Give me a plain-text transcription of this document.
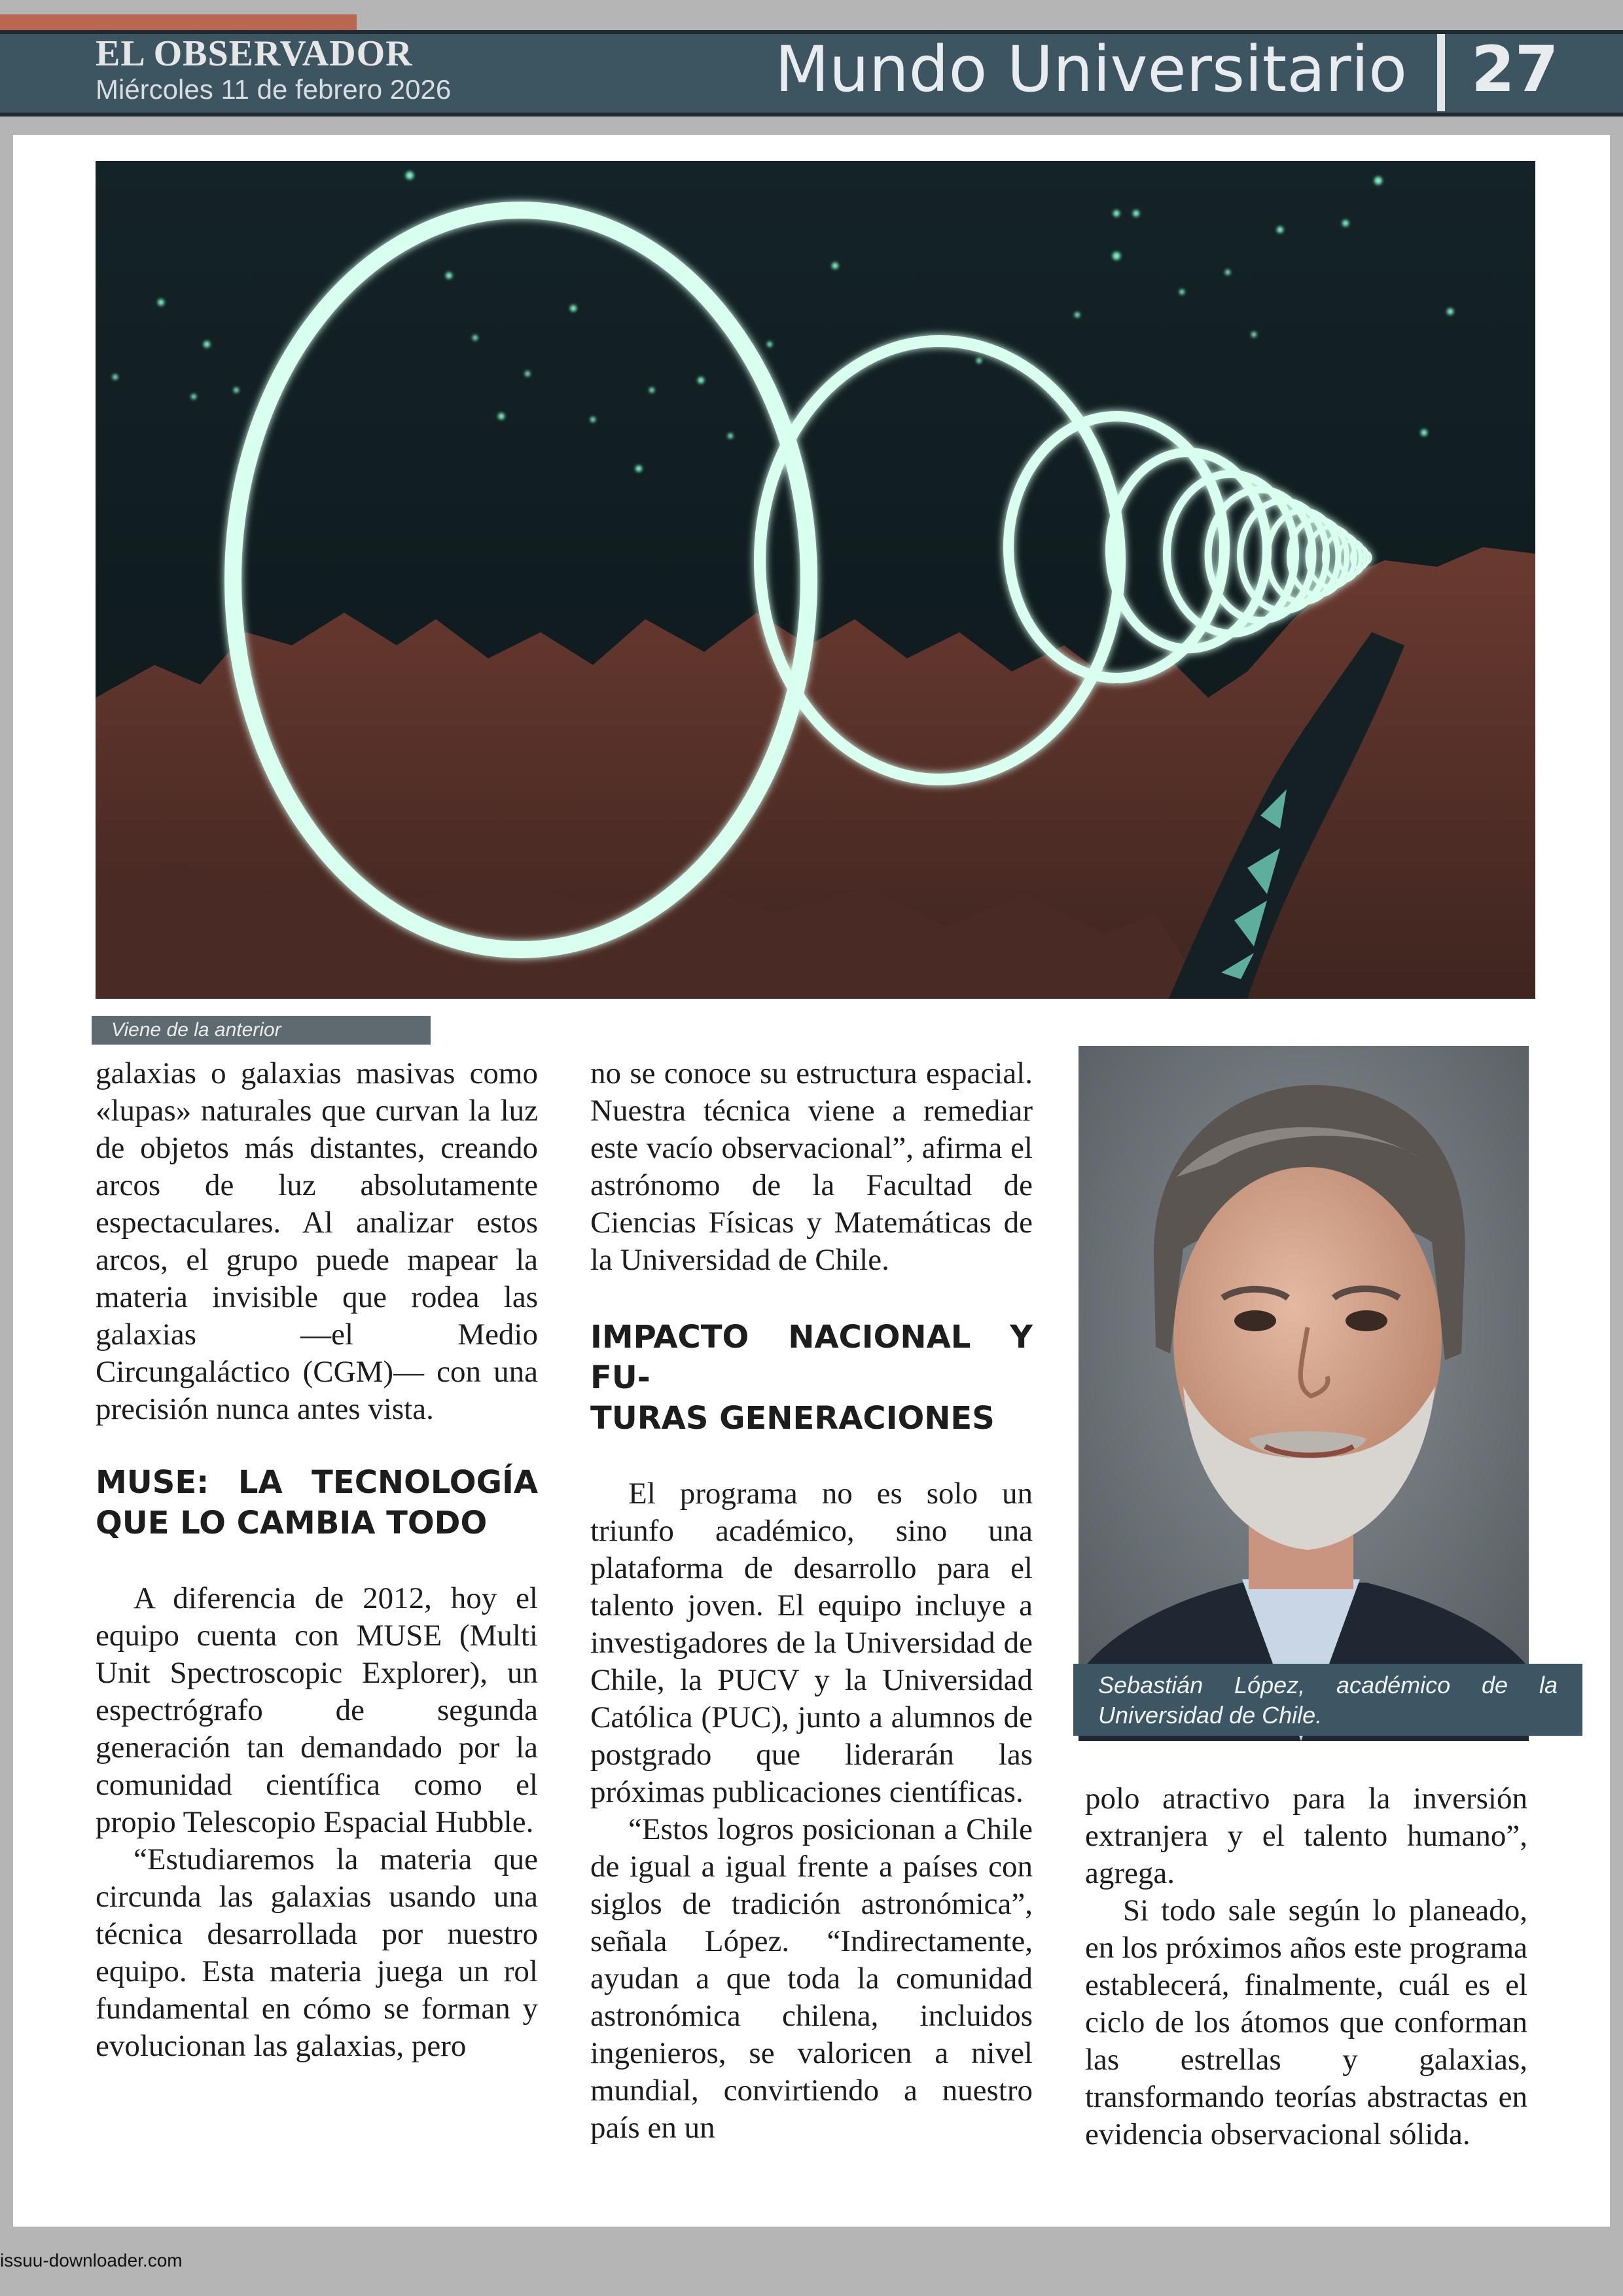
EL OBSERVADOR
Miércoles 11 de febrero 2026	Mundo Universitario 27
Viene de la anterior

galaxias o galaxias masivas como «lupas» naturales que curvan la luz de objetos más distantes, creando arcos de luz absolutamente espectaculares. Al analizar estos arcos, el grupo puede mapear la materia invisible que rodea las galaxias —el Medio Circungaláctico (CGM)— con una precisión nunca antes vista.

MUSE: LA TECNOLOGÍA
QUE LO CAMBIA TODO

A diferencia de 2012, hoy el equipo cuenta con MUSE (Multi Unit Spectroscopic Explorer), un espectrógrafo de segunda generación tan demandado por la comunidad científica como el propio Telescopio Espacial Hubble.

“Estudiaremos la materia que circunda las galaxias usando una técnica desarrollada por nuestro equipo. Esta materia juega un rol fundamental en cómo se forman y evolucionan las galaxias, pero

no se conoce su estructura espacial. Nuestra técnica viene a remediar este vacío observacional”, afirma el astrónomo de la Facultad de Ciencias Físicas y Matemáticas de la Universidad de Chile.

IMPACTO NACIONAL Y FU-
TURAS GENERACIONES

El programa no es solo un triunfo académico, sino una plataforma de desarrollo para el talento joven. El equipo incluye a investigadores de la Universidad de Chile, la PUCV y la Universidad Católica (PUC), junto a alumnos de postgrado que liderarán las próximas publicaciones científicas.

“Estos logros posicionan a Chile de igual a igual frente a países con siglos de tradición astronómica”, señala López. “Indirectamente, ayudan a que toda la comunidad astronómica chilena, incluidos ingenieros, se valoricen a nivel mundial, convirtiendo a nuestro país en un

Sebastián López, académico de la Universidad de Chile.

polo atractivo para la inversión extranjera y el talento humano”, agrega.

Si todo sale según lo planeado, en los próximos años este programa establecerá, finalmente, cuál es el ciclo de los átomos que conforman las estrellas y galaxias, transformando teorías abstractas en evidencia observacional sólida.

issuu-downloader.com
